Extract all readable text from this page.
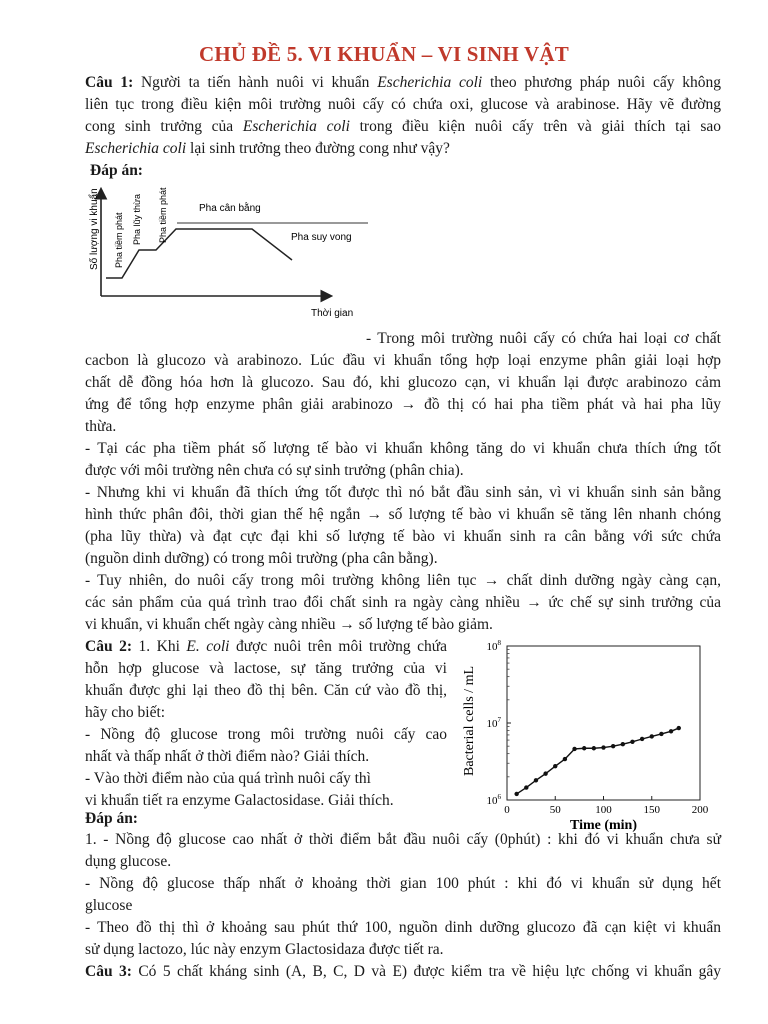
CHỦ ĐỀ 5. VI KHUẨN – VI SINH VẬT
Câu 1: Người ta tiến hành nuôi vi khuẩn Escherichia coli theo phương pháp nuôi cấy không
liên tục trong điều kiện môi trường nuôi cấy có chứa oxi, glucose và arabinose. Hãy vẽ đường
cong sinh trưởng của Escherichia coli trong điều kiện nuôi cấy trên và giải thích tại sao
Escherichia coli lại sinh trưởng theo đường cong như vậy?
Đáp án:
Số lượng vi khuẩn Pha tiềm phát Pha lũy thừa Pha tiềm phát	Pha cân bằng
Pha suy vong
Thời gian
- Trong môi trường nuôi cấy có chứa hai loại cơ chất
cacbon là glucozo và arabinozo. Lúc đầu vi khuẩn tổng hợp loại enzyme phân giải loại hợp
chất dễ đồng hóa hơn là glucozo. Sau đó, khi glucozo cạn, vi khuẩn lại được arabinozo cảm
ứng để tổng hợp enzyme phân giải arabinozo → đồ thị có hai pha tiềm phát và hai pha lũy
thừa.
- Tại các pha tiềm phát số lượng tế bào vi khuẩn không tăng do vi khuẩn chưa thích ứng tốt
được với môi trường nên chưa có sự sinh trưởng (phân chia).
- Nhưng khi vi khuẩn đã thích ứng tốt được thì nó bắt đầu sinh sản, vì vi khuẩn sinh sản bằng
hình thức phân đôi, thời gian thế hệ ngắn → số lượng tế bào vi khuẩn sẽ tăng lên nhanh chóng
(pha lũy thừa) và đạt cực đại khi số lượng tế bào vi khuẩn sinh ra cân bằng với sức chứa
(nguồn dinh dưỡng) có trong môi trường (pha cân bằng).
- Tuy nhiên, do nuôi cấy trong môi trường không liên tục → chất dinh dưỡng ngày càng cạn,
các sản phẩm của quá trình trao đổi chất sinh ra ngày càng nhiều → ức chế sự sinh trưởng của
vi khuẩn, vi khuẩn chết ngày càng nhiều → số lượng tế bào giảm.
Câu 2: 1. Khi E. coli được nuôi trên môi trường chứa
hỗn hợp glucose và lactose, sự tăng trưởng của vi
khuẩn được ghi lại theo đồ thị bên. Căn cứ vào đồ thị,
hãy cho biết:
- Nồng độ glucose trong môi trường nuôi cấy cao
nhất và thấp nhất ở thời điểm nào? Giải thích.
- Vào thời điểm nào của quá trình nuôi cấy thì
vi khuẩn tiết ra enzyme Galactosidase. Giải thích.
0	50	100	150	200
Time (min)
$10^6$
$10^7$
$10^8$
Bacterial cells / mL
Đáp án:
1. - Nồng độ glucose cao nhất ở thời điểm bắt đầu nuôi cấy (0phút) : khi đó vi khuẩn chưa sử
dụng glucose.
- Nồng độ glucose thấp nhất ở khoảng thời gian 100 phút : khi đó vi khuẩn sử dụng hết
glucose
- Theo đồ thị thì ở khoảng sau phút thứ 100, nguồn dinh dưỡng glucozo đã cạn kiệt vi khuẩn
sử dụng lactozo, lúc này enzym Glactosidaza được tiết ra.
Câu 3: Có 5 chất kháng sinh (A, B, C, D và E) được kiểm tra về hiệu lực chống vi khuẩn gây
